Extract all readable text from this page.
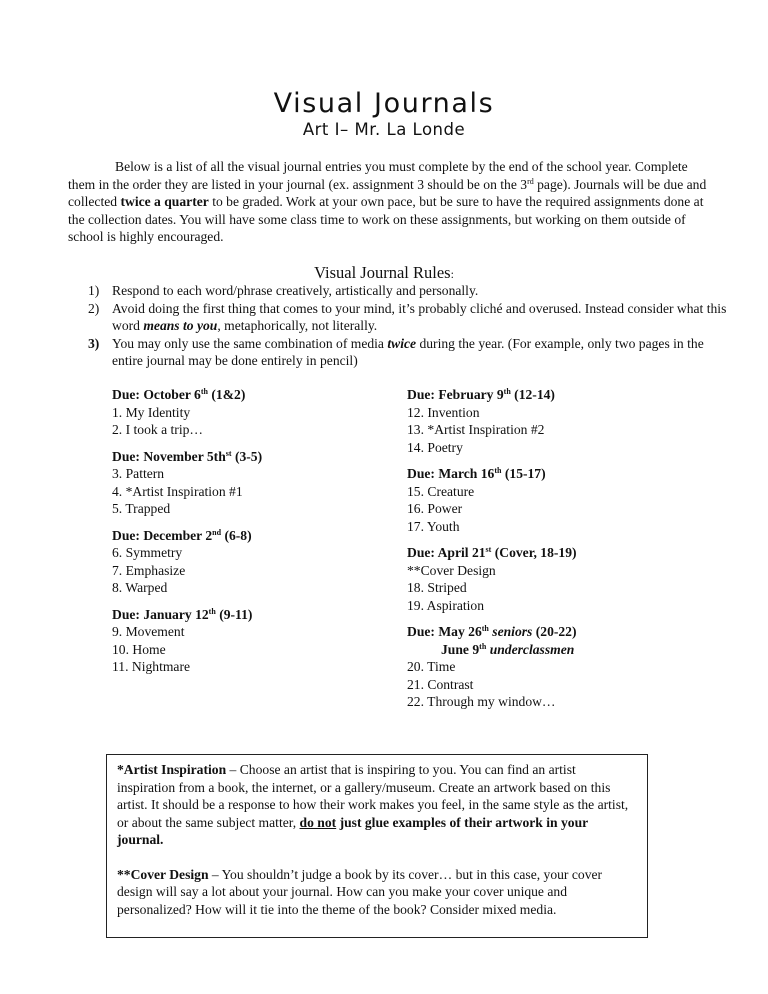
Visual Journals
Art I– Mr. La Londe

Below is a list of all the visual journal entries you must complete by the end of the school year. Complete them in the order they are listed in your journal (ex. assignment 3 should be on the 3rd page). Journals will be due and collected twice a quarter to be graded. Work at your own pace, but be sure to have the required assignments done at the collection dates. You will have some class time to work on these assignments, but working on them outside of school is highly encouraged.

Visual Journal Rules:
1) Respond to each word/phrase creatively, artistically and personally.
2) Avoid doing the first thing that comes to your mind, it’s probably cliché and overused. Instead consider what this word means to you, metaphorically, not literally.
3) You may only use the same combination of media twice during the year. (For example, only two pages in the entire journal may be done entirely in pencil)
Due: October 6th (1&2)
1. My Identity
2. I took a trip…
Due: November $5th^{st}$ (3-5)
3. Pattern
4. *Artist Inspiration #1
5. Trapped
Due: December 2nd (6-8)
6. Symmetry
7. Emphasize
8. Warped
Due: January 12th (9-11)
9. Movement
10. Home
11. Nightmare
Due: February 9th (12-14)
12. Invention
13. *Artist Inspiration #2
14. Poetry
Due: March 16th (15-17)
15. Creature
16. Power
17. Youth
Due: April 21st (Cover, 18-19)
**Cover Design
18. Striped
19. Aspiration
Due: May 26th seniors (20-22)
June 9th underclassmen
20. Time
21. Contrast
22. Through my window…

*Artist Inspiration – Choose an artist that is inspiring to you. You can find an artist inspiration from a book, the internet, or a gallery/museum. Create an artwork based on this artist. It should be a response to how their work makes you feel, in the same style as the artist, or about the same subject matter, do not just glue examples of their artwork in your journal.

**Cover Design – You shouldn’t judge a book by its cover… but in this case, your cover design will say a lot about your journal. How can you make your cover unique and personalized? How will it tie into the theme of the book? Consider mixed media.
